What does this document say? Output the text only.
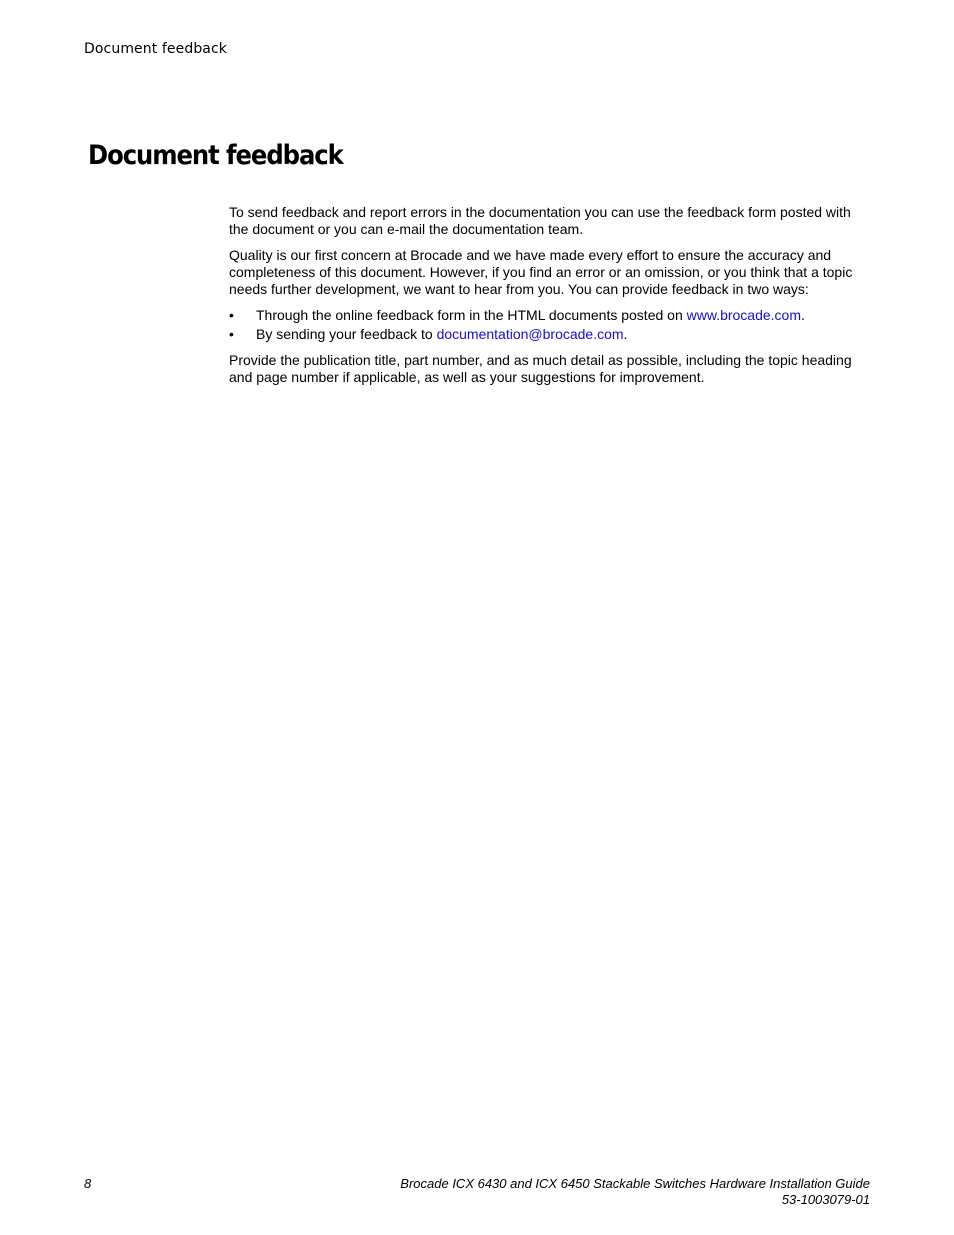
Document feedback
Document feedback

To send feedback and report errors in the documentation you can use the feedback form posted with the document or you can e-mail the documentation team.

Quality is our first concern at Brocade and we have made every effort to ensure the accuracy and completeness of this document. However, if you find an error or an omission, or you think that a topic needs further development, we want to hear from you. You can provide feedback in two ways:

• Through the online feedback form in the HTML documents posted on www.brocade.com.
• By sending your feedback to documentation@brocade.com.

Provide the publication title, part number, and as much detail as possible, including the topic heading and page number if applicable, as well as your suggestions for improvement.

8	Brocade ICX 6430 and ICX 6450 Stackable Switches Hardware Installation Guide
53-1003079-01
